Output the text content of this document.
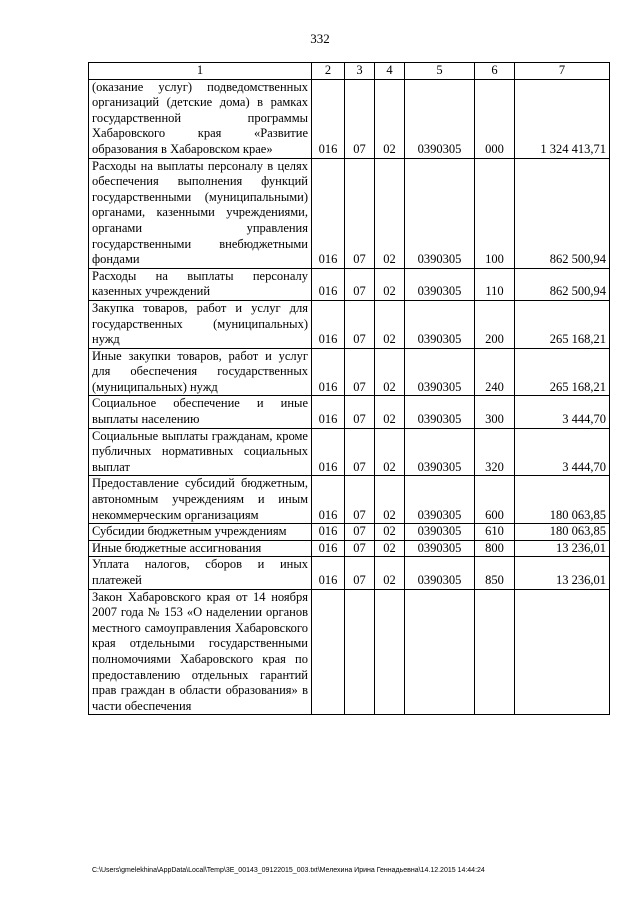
332
1	2	3	4	5	6	7
(оказание услуг) подведомственных организаций (детские дома) в рамках государственной программы Хабаровского края «Развитие образования в Хабаровском крае»	016	07	02	0390305	000	1 324 413,71
Расходы на выплаты персоналу в целях обеспечения выполнения функций государственными (муниципальными) органами, казенными учреждениями, органами управления государственными внебюджетными фондами	016	07	02	0390305	100	862 500,94
Расходы на выплаты персоналу казенных учреждений	016	07	02	0390305	110	862 500,94
Закупка товаров, работ и услуг для государственных (муниципальных) нужд	016	07	02	0390305	200	265 168,21
Иные закупки товаров, работ и услуг для обеспечения государственных (муниципальных) нужд	016	07	02	0390305	240	265 168,21
Социальное обеспечение и иные выплаты населению	016	07	02	0390305	300	3 444,70
Социальные выплаты гражданам, кроме публичных нормативных социальных выплат	016	07	02	0390305	320	3 444,70
Предоставление субсидий бюджетным, автономным учреждениям и иным некоммерческим организациям	016	07	02	0390305	600	180 063,85
Субсидии бюджетным учреждениям	016	07	02	0390305	610	180 063,85
Иные бюджетные ассигнования	016	07	02	0390305	800	13 236,01
Уплата налогов, сборов и иных платежей	016	07	02	0390305	850	13 236,01
Закон Хабаровского края от 14 ноября 2007 года № 153 «О наделении органов местного самоуправления Хабаровского края отдельными государственными полномочиями Хабаровского края по предоставлению отдельных гарантий прав граждан в области образования» в части обеспечения						
C:\Users\gmelekhina\AppData\Local\Temp\3E_00143_09122015_003.txt\Мелехина Ирина Геннадьевна\14.12.2015 14:44:24
